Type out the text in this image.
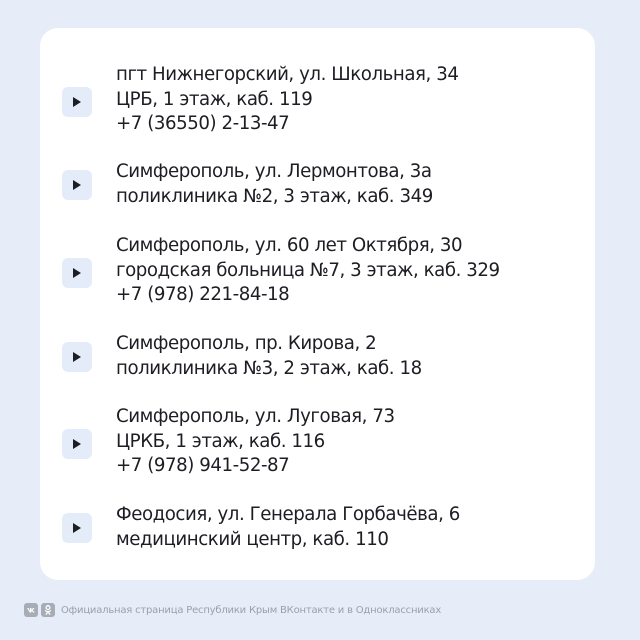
пгт Нижнегорский, ул. Школьная, 34
ЦРБ, 1 этаж, каб. 119
+7 (36550) 2-13-47
Симферополь, ул. Лермонтова, 3а
поликлиника №2, 3 этаж, каб. 349
Симферополь, ул. 60 лет Октября, 30
городская больница №7, 3 этаж, каб. 329
+7 (978) 221-84-18
Симферополь, пр. Кирова, 2
поликлиника №3, 2 этаж, каб. 18
Симферополь, ул. Луговая, 73
ЦРКБ, 1 этаж, каб. 116
+7 (978) 941-52-87
Феодосия, ул. Генерала Горбачёва, 6
медицинский центр, каб. 110
Официальная страница Республики Крым ВКонтакте и в Одноклассниках
